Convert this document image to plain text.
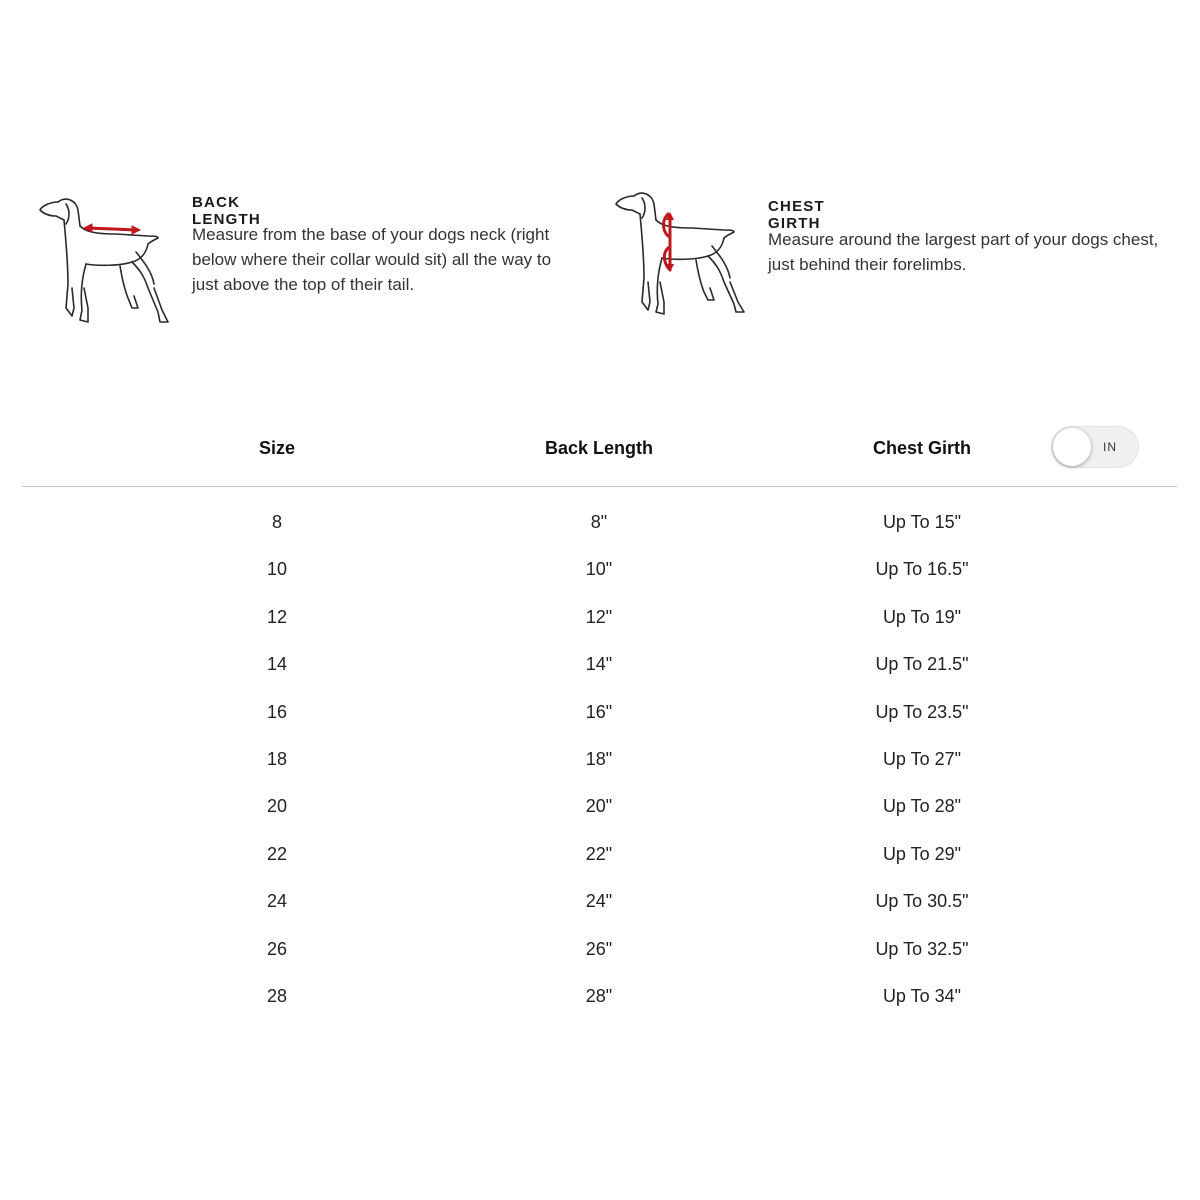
BACK LENGTH
Measure from the base of your dogs neck (right below where their collar would sit) all the way to just above the top of their tail.
CHEST GIRTH
Measure around the largest part of your dogs chest, just behind their forelimbs.
Size	Back Length	Chest Girth	IN
8	8"	Up To 15"
10	10"	Up To 16.5"
12	12"	Up To 19"
14	14"	Up To 21.5"
16	16"	Up To 23.5"
18	18"	Up To 27"
20	20"	Up To 28"
22	22"	Up To 29"
24	24"	Up To 30.5"
26	26"	Up To 32.5"
28	28"	Up To 34"
